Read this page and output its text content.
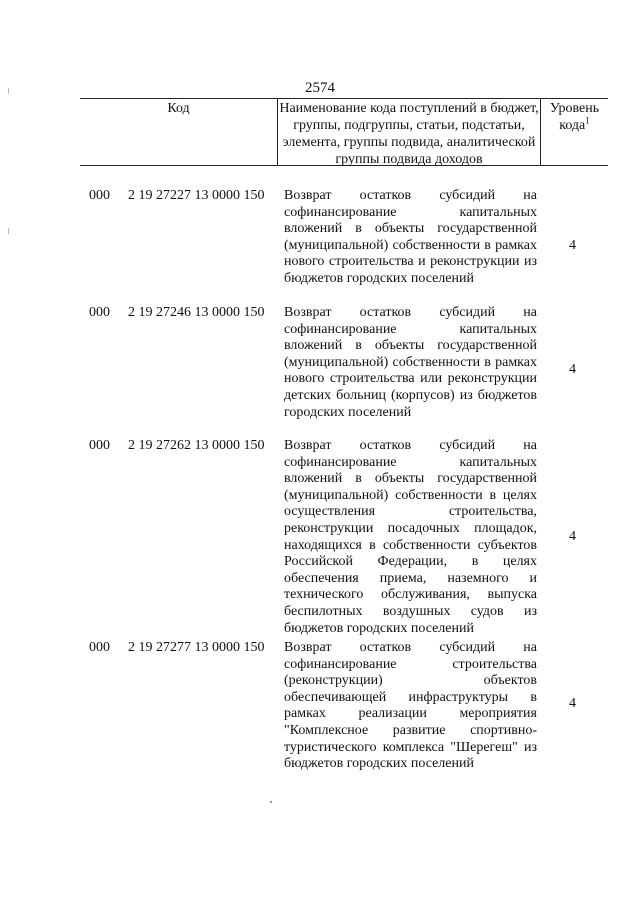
2574
Код	Наименование кода поступлений в бюджет, группы, подгруппы, статьи, подстатьи, элемента, группы подвида, аналитической группы подвида доходов
Уровень
кода$^1$
000 2 19 27227 13 0000 150 Возврат остатков субсидий на софинансирование капитальных вложений в объекты государственной (муниципальной) собственности в рамках нового строительства и реконструкции из бюджетов городских поселений
4
000 2 19 27246 13 0000 150 Возврат остатков субсидий на софинансирование капитальных вложений в объекты государственной (муниципальной) собственности в рамках нового строительства или реконструкции детских больниц (корпусов) из бюджетов городских поселений
4
000 2 19 27262 13 0000 150 Возврат остатков субсидий на софинансирование капитальных вложений в объекты государственной (муниципальной) собственности в целях осуществления строительства, реконструкции посадочных площадок, находящихся в собственности субъектов Российской Федерации, в целях обеспечения приема, наземного и технического обслуживания, выпуска беспилотных воздушных судов из бюджетов городских поселений
4
000 2 19 27277 13 0000 150 Возврат остатков субсидий на софинансирование строительства (реконструкции) объектов обеспечивающей инфраструктуры в рамках реализации мероприятия "Комплексное развитие спортивно-туристического комплекса "Шерегеш" из бюджетов городских поселений
4
